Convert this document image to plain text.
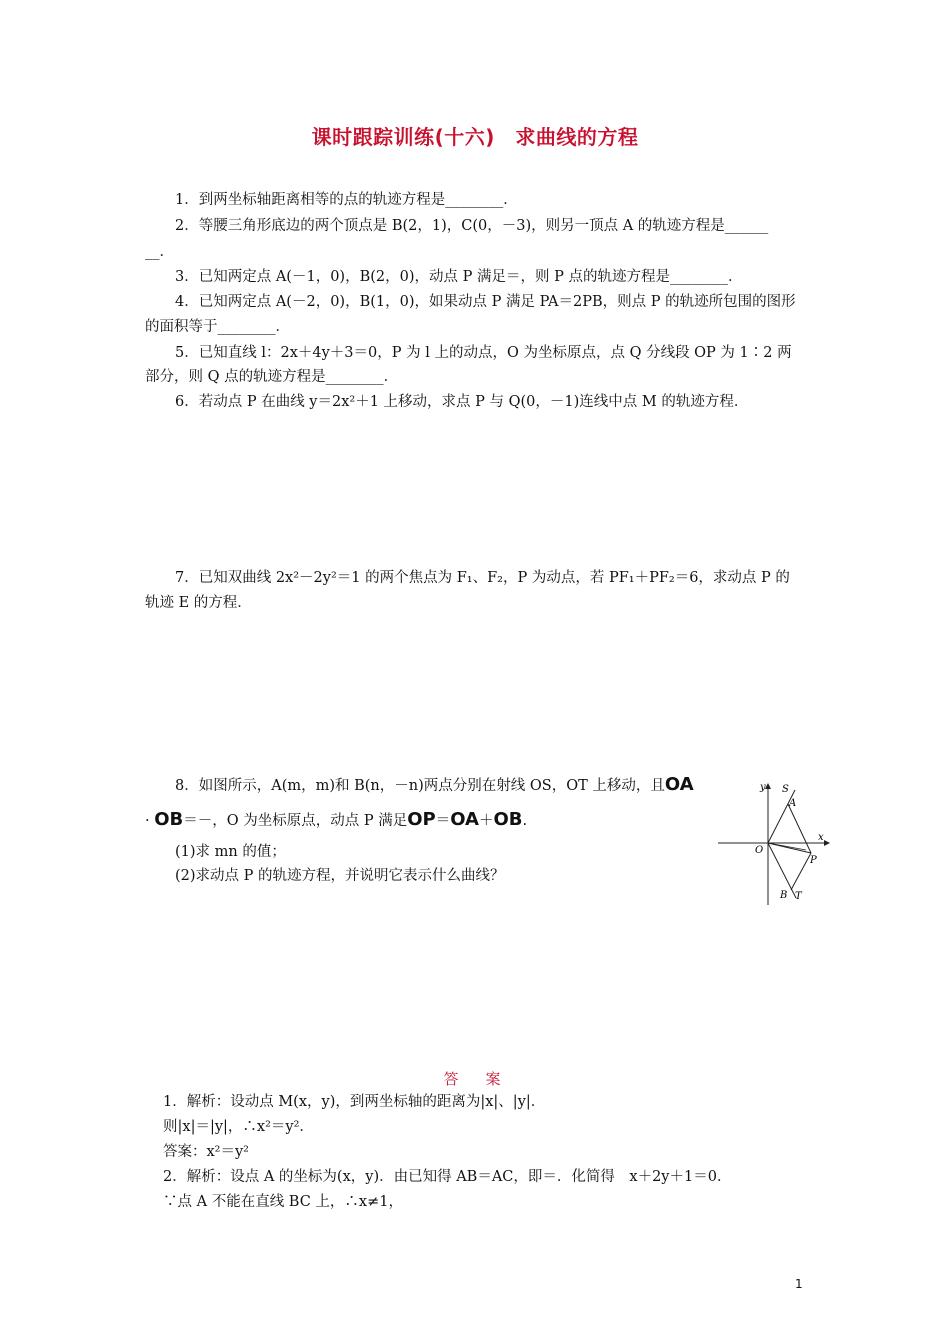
课时跟踪训练(十六)　求曲线的方程
1．到两坐标轴距离相等的点的轨迹方程是________．
2．等腰三角形底边的两个顶点是 B(2，1)，C(0，－3)，则另一顶点 A 的轨迹方程是______
__．
3．已知两定点 A(－1，0)，B(2，0)，动点 P 满足＝，则 P 点的轨迹方程是________．
4．已知两定点 A(－2，0)，B(1，0)，如果动点 P 满足 PA＝2PB，则点 P 的轨迹所包围的图形
的面积等于________．
5．已知直线 l：2x＋4y＋3＝0，P 为 l 上的动点，O 为坐标原点，点 Q 分线段 OP 为 1∶2 两
部分，则 Q 点的轨迹方程是________．
6．若动点 P 在曲线 y＝2x²＋1 上移动，求点 P 与 Q(0，－1)连线中点 M 的轨迹方程．
7．已知双曲线 2x²－2y²＝1 的两个焦点为 F₁、F₂，P 为动点，若 PF₁＋PF₂＝6，求动点 P 的
轨迹 E 的方程．
8．如图所示，A(m，m)和 B(n，－n)两点分别在射线 OS，OT 上移动，且OA
· OB＝－，O 为坐标原点，动点 P 满足OP＝OA＋OB.
(1)求 mn 的值；
(2)求动点 P 的轨迹方程，并说明它表示什么曲线？
y S
A
O
P
x
B T
答　案
1．解析：设动点 M(x，y)，到两坐标轴的距离为|x|、|y|．
则|x|＝|y|，∴x²＝y²．
答案：x²＝y²
2．解析：设点 A 的坐标为(x，y)．由已知得 AB＝AC，即＝．化简得　x＋2y＋1＝0．
∵点 A 不能在直线 BC 上，∴x≠1，
1
